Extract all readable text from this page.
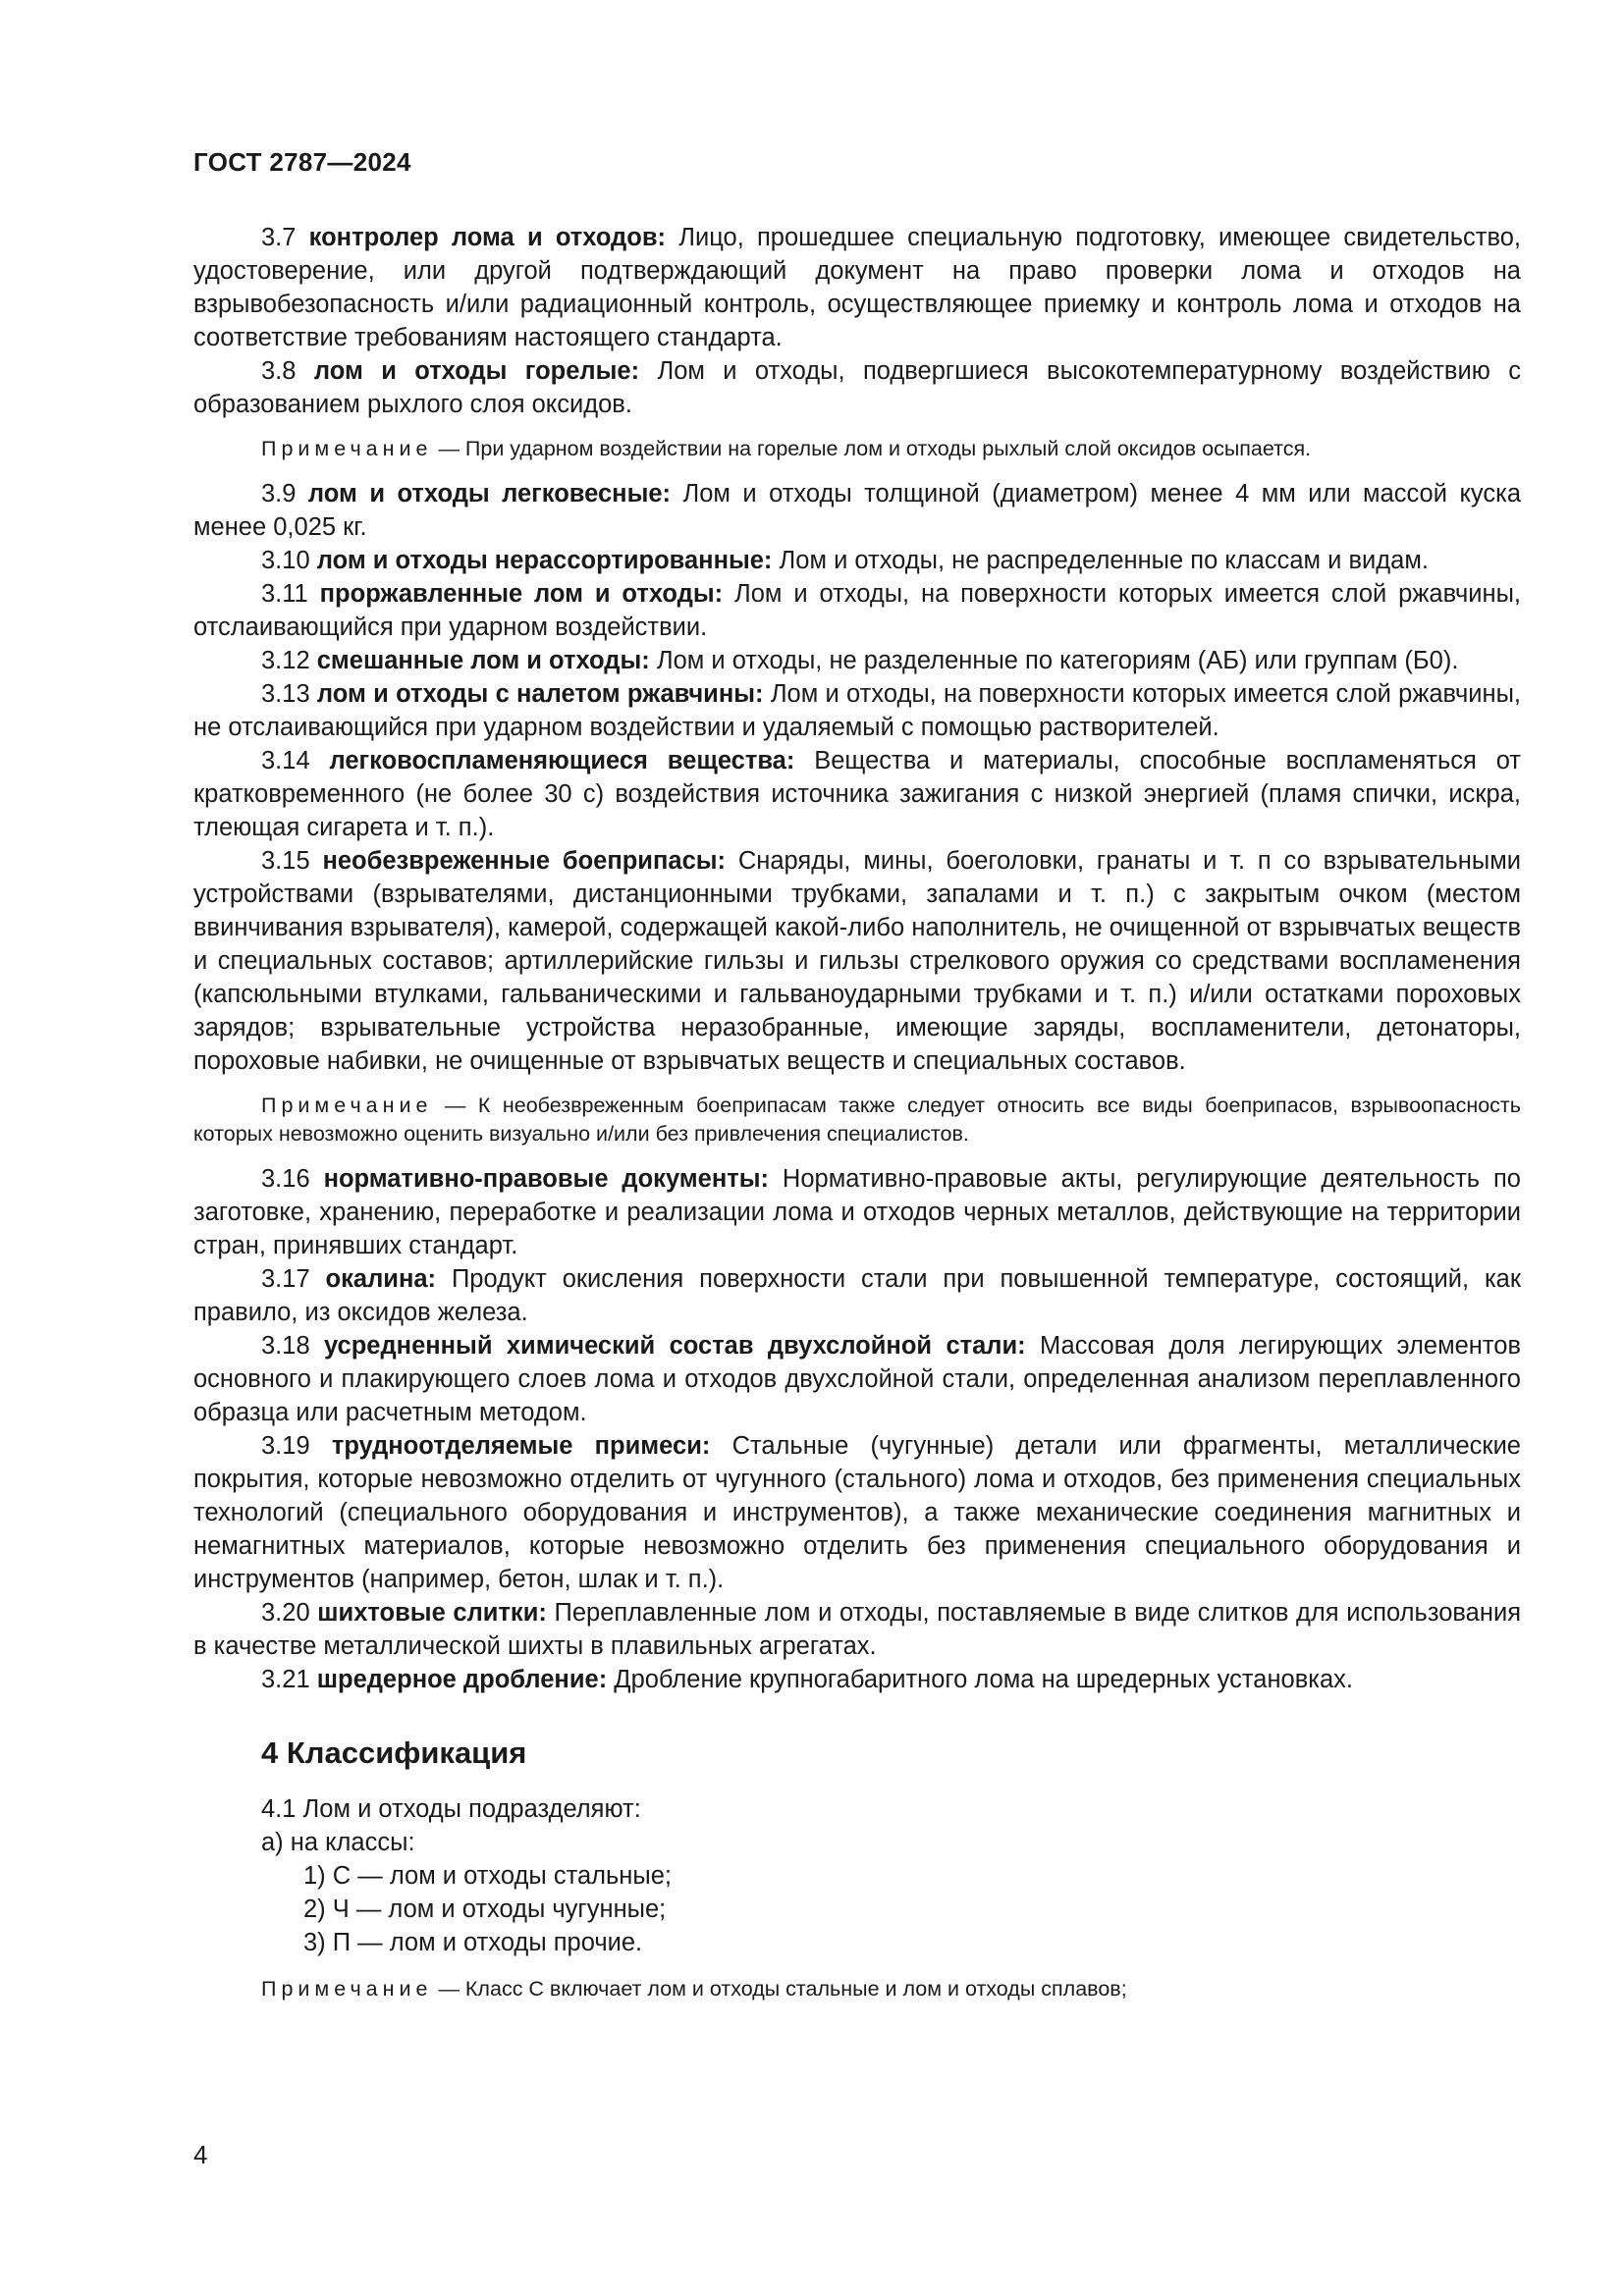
ГОСТ 2787—2024

3.7 контролер лома и отходов: Лицо, прошедшее специальную подготовку, имеющее свидетельство, удостоверение, или другой подтверждающий документ на право проверки лома и отходов на взрывобезопасность и/или радиационный контроль, осуществляющее приемку и контроль лома и отходов на соответствие требованиям настоящего стандарта.

3.8 лом и отходы горелые: Лом и отходы, подвергшиеся высокотемпературному воздействию с образованием рыхлого слоя оксидов.

Примечание — При ударном воздействии на горелые лом и отходы рыхлый слой оксидов осыпается.

3.9 лом и отходы легковесные: Лом и отходы толщиной (диаметром) менее 4 мм или массой куска менее 0,025 кг.

3.10 лом и отходы нерассортированные: Лом и отходы, не распределенные по классам и видам.

3.11 проржавленные лом и отходы: Лом и отходы, на поверхности которых имеется слой ржавчины, отслаивающийся при ударном воздействии.

3.12 смешанные лом и отходы: Лом и отходы, не разделенные по категориям (АБ) или группам (Б0).

3.13 лом и отходы с налетом ржавчины: Лом и отходы, на поверхности которых имеется слой ржавчины, не отслаивающийся при ударном воздействии и удаляемый с помощью растворителей.

3.14 легковоспламеняющиеся вещества: Вещества и материалы, способные воспламеняться от кратковременного (не более 30 с) воздействия источника зажигания с низкой энергией (пламя спички, искра, тлеющая сигарета и т. п.).

3.15 необезвреженные боеприпасы: Снаряды, мины, боеголовки, гранаты и т. п со взрывательными устройствами (взрывателями, дистанционными трубками, запалами и т. п.) с закрытым очком (местом ввинчивания взрывателя), камерой, содержащей какой-либо наполнитель, не очищенной от взрывчатых веществ и специальных составов; артиллерийские гильзы и гильзы стрелкового оружия со средствами воспламенения (капсюльными втулками, гальваническими и гальваноударными трубками и т. п.) и/или остатками пороховых зарядов; взрывательные устройства неразобранные, имеющие заряды, воспламенители, детонаторы, пороховые набивки, не очищенные от взрывчатых веществ и специальных составов.

Примечание — К необезвреженным боеприпасам также следует относить все виды боеприпасов, взрывоопасность которых невозможно оценить визуально и/или без привлечения специалистов.

3.16 нормативно-правовые документы: Нормативно-правовые акты, регулирующие деятельность по заготовке, хранению, переработке и реализации лома и отходов черных металлов, действующие на территории стран, принявших стандарт.

3.17 окалина: Продукт окисления поверхности стали при повышенной температуре, состоящий, как правило, из оксидов железа.

3.18 усредненный химический состав двухслойной стали: Массовая доля легирующих элементов основного и плакирующего слоев лома и отходов двухслойной стали, определенная анализом переплавленного образца или расчетным методом.

3.19 трудноотделяемые примеси: Стальные (чугунные) детали или фрагменты, металлические покрытия, которые невозможно отделить от чугунного (стального) лома и отходов, без применения специальных технологий (специального оборудования и инструментов), а также механические соединения магнитных и немагнитных материалов, которые невозможно отделить без применения специального оборудования и инструментов (например, бетон, шлак и т. п.).

3.20 шихтовые слитки: Переплавленные лом и отходы, поставляемые в виде слитков для использования в качестве металлической шихты в плавильных агрегатах.

3.21 шредерное дробление: Дробление крупногабаритного лома на шредерных установках.

4 Классификация
4.1 Лом и отходы подразделяют:
а) на классы:
1) С — лом и отходы стальные;
2) Ч — лом и отходы чугунные;
3) П — лом и отходы прочие.
Примечание — Класс С включает лом и отходы стальные и лом и отходы сплавов;
4
